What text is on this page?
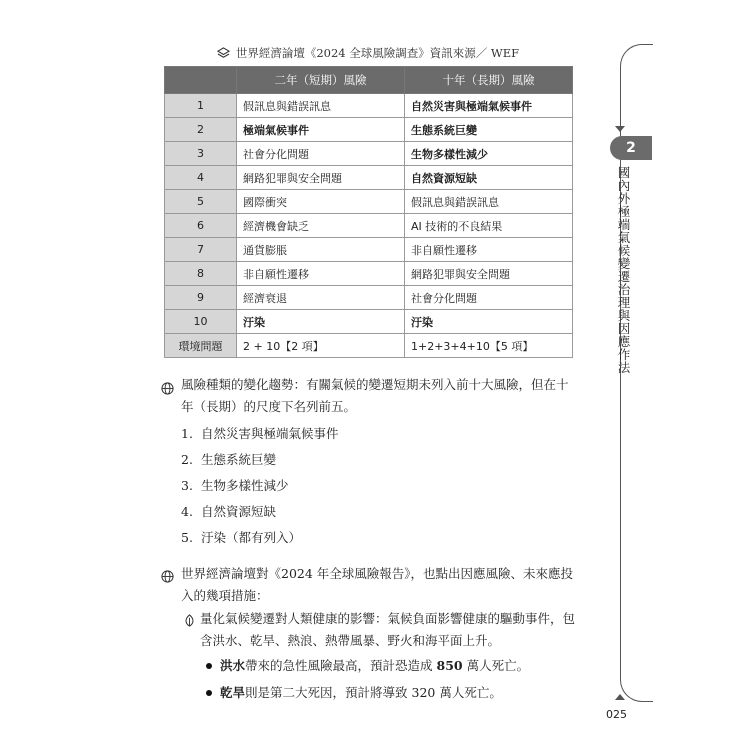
世界經濟論壇《2024 全球風險調查》資訊來源／ WEF
	二年（短期）風險	十年（長期）風險
1	假訊息與錯誤訊息	自然災害與極端氣候事件
2	極端氣候事件	生態系統巨變
3	社會分化問題	生物多樣性減少
4	網路犯罪與安全問題	自然資源短缺
5	國際衝突	假訊息與錯誤訊息
6	經濟機會缺乏	AI 技術的不良結果
7	通貨膨脹	非自願性遷移
8	非自願性遷移	網路犯罪與安全問題
9	經濟衰退	社會分化問題
10	汙染	汙染
環境問題	2 + 10【2 項】	1+2+3+4+10【5 項】
風險種類的變化趨勢：有關氣候的變遷短期未列入前十大風險，但在十
年（長期）的尺度下名列前五。
1. 自然災害與極端氣候事件
2. 生態系統巨變
3. 生物多樣性減少
4. 自然資源短缺
5. 汙染（都有列入）
世界經濟論壇對《2024 年全球風險報告》，也點出因應風險、未來應投
入的幾項措施：
量化氣候變遷對人類健康的影響：氣候負面影響健康的驅動事件，包
含洪水、乾旱、熱浪、熱帶風暴、野火和海平面上升。
洪水帶來的急性風險最高，預計恐造成 850 萬人死亡。
乾旱則是第二大死因，預計將導致 320 萬人死亡。
2
國內外極端氣候變遷治理與因應作法
025
